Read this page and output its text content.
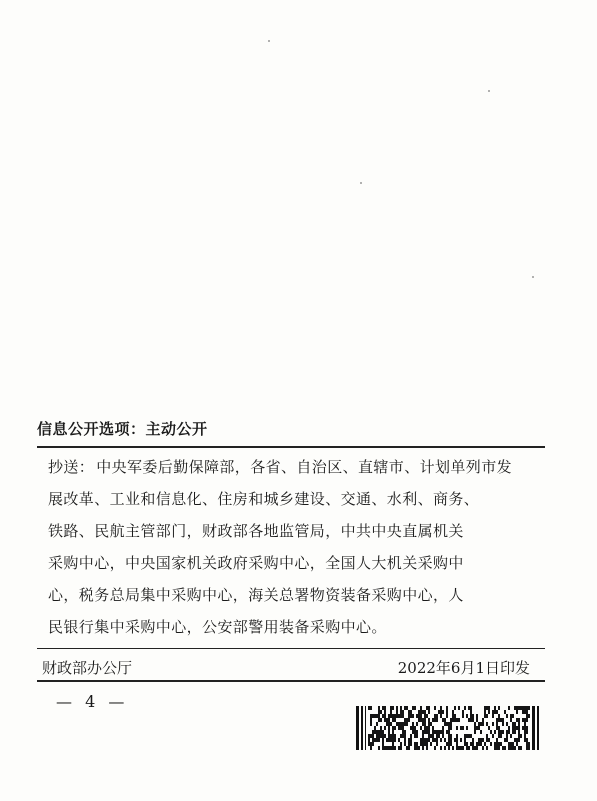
信息公开选项：主动公开
抄送： 中央军委后勤保障部，各省、自治区、直辖市、计划单列市发
展改革、工业和信息化、住房和城乡建设、交通、水利、商务、
铁路、民航主管部门，财政部各地监管局，中共中央直属机关
采购中心，中央国家机关政府采购中心，全国人大机关采购中
心，税务总局集中采购中心，海关总署物资装备采购中心，人
民银行集中采购中心，公安部警用装备采购中心。
财政部办公厅	2022年6月1日印发
— 4 —
